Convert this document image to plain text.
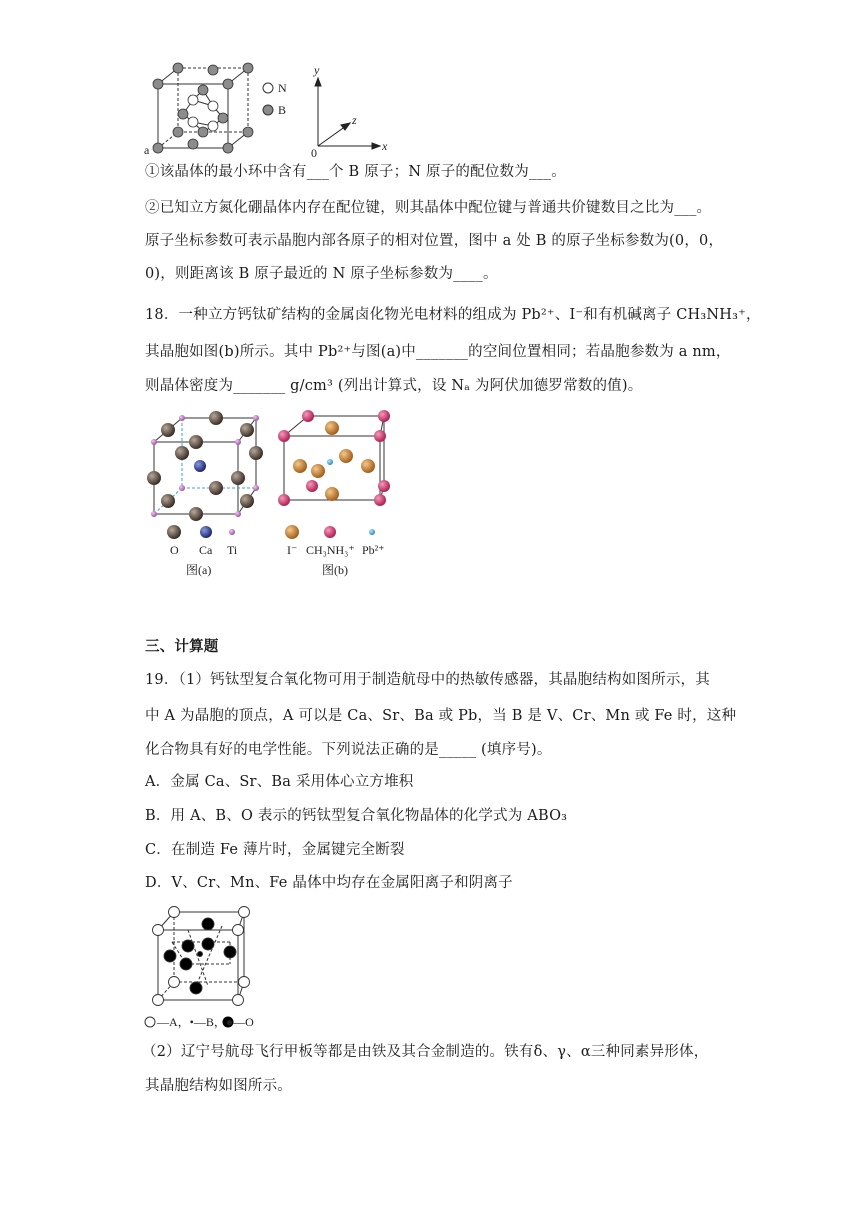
a
N
B
y
z
x
0
①该晶体的最小环中含有___个 B 原子；N 原子的配位数为___。
②已知立方氮化硼晶体内存在配位键，则其晶体中配位键与普通共价键数目之比为___。
原子坐标参数可表示晶胞内部各原子的相对位置，图中 a 处 B 的原子坐标参数为(0，0，
0)，则距离该 B 原子最近的 N 原子坐标参数为____。
18．一种立方钙钛矿结构的金属卤化物光电材料的组成为 Pb²⁺、I⁻和有机碱离子 CH₃NH₃⁺，
其晶胞如图(b)所示。其中 Pb²⁺与图(a)中_______的空间位置相同；若晶胞参数为 a nm，
则晶体密度为_______ g/cm³ (列出计算式，设 Nₐ 为阿伏加德罗常数的值)。
O Ca Ti
图(a)
I⁻ CH₃NH₃⁺ Pb²⁺
图(b)
三、计算题
19．（1）钙钛型复合氧化物可用于制造航母中的热敏传感器，其晶胞结构如图所示，其
中 A 为晶胞的顶点，A 可以是 Ca、Sr、Ba 或 Pb，当 B 是 V、Cr、Mn 或 Fe 时，这种
化合物具有好的电学性能。下列说法正确的是_____ (填序号)。
A．金属 Ca、Sr、Ba 采用体心立方堆积
B．用 A、B、O 表示的钙钛型复合氧化物晶体的化学式为 ABO₃
C．在制造 Fe 薄片时，金属键完全断裂
D．V、Cr、Mn、Fe 晶体中均存在金属阳离子和阴离子
—A，•—B，●—O
（2）辽宁号航母飞行甲板等都是由铁及其合金制造的。铁有δ、γ、α三种同素异形体，
其晶胞结构如图所示。
